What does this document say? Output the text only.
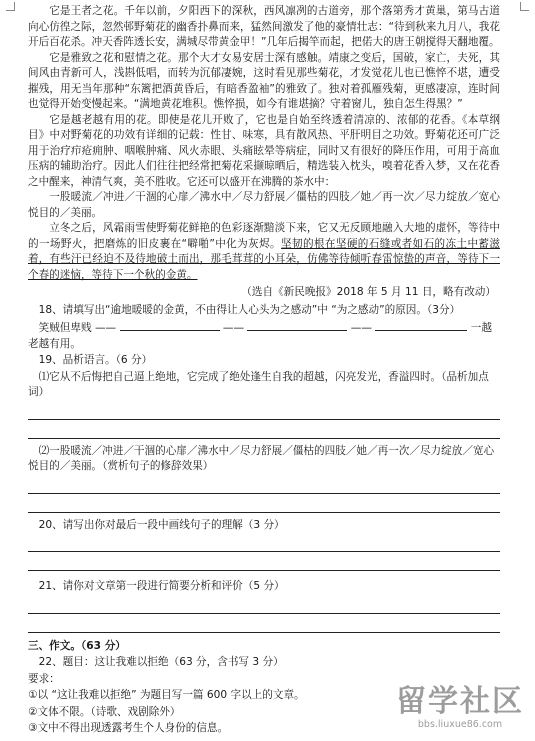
它是王者之花。千年以前，夕阳西下的深秋，西风凛冽的古道旁，那个落第秀才黄巢，第马古道向心仿徨之际，忽然邨野菊花的幽香扑鼻而来，猛然间激发了他的豪情壮志：“待到秋来九月八，我花开后百花杀。冲天香阵透长安，满城尽带黄金甲！”几年后揭竿而起，把偌大的唐王朝搅得天翻地覆。

它是雅致之花和慰情之花。那个大才女易安居士深有感触。靖康之变后，国破，家亡，夫死，其间风由青新可人，浅斟低唱，而转为沉郁凄婉，这时看见那些菊花，才发觉花儿也已憔悴不堪，遭受摧残，用无当年那种“东篱把酒黄昏后，有暗香盈袖”的雅致了。独对着孤雁残菊，更感凄凉，连时间也觉得开始变慢起来。“满地黄花堆积。憔悴损，如今有谁堪摘？守着窗儿，独自怎生得黑？”

它是越老越有用的花。即使是花儿开败了，它也是自始至终透着清凉的、浓郁的花香。《本草纲目》中对野菊花的功效有详细的记载：性甘、味寒，具有散风热、平肝明目之功效。野菊花还可广泛用于治疗疖疮痈肿、咽喉肿痛、风火赤眼、头痛眩晕等病症，同时又有很好的降压作用，可用于高血压病的辅助治疗。因此人们往往把经常把菊花采撷晾晒后，精选装入枕头，嗅着花香入梦，又在花香之中醒来，神清气爽，美不胜收。它还可以盛开在沸腾的茶水中：

一股暖流／冲进／干涸的心扉／沸水中／尽力舒展／僵枯的四肢／她／再一次／尽力绽放／宽心悦目的／美丽。

立冬之后，风霜雨雪使野菊花鲜艳的色彩逐渐黯淡下来，它又无反顾地融入大地的虚怀，等待中的一场野火，把磨炼的旧皮裹在“噼啪”中化为灰烬。坚韧的根在坚硬的石缝或者如石的冻土中蓄滋着，有些汗已经迫不及待地破土而出，那毛茸茸的小耳朵，仿佛等待倾听春雷惊蛰的声音，等待下一个春的迷恼，等待下一个秋的金黄。

（选自《新民晚报》2018 年 5 月 11 日，略有改动）
18、请填写出“逾地暖暖的金黄，不由得让人心头为之感动”中 “为之感动”的原因。（3分）
笑贼但卑贱 ——	——	——	一越老越有用。
19、品析语言。（6 分）
⑴它从不后悔把自己逼上绝地，它完成了绝处逢生自我的超越，闪亮发光，香溢四时。（品析加点词）
⑵一股暖流／冲进／干涸的心扉／沸水中／尽力舒展／僵枯的四肢／她／再一次／尽力绽放／宽心悦目的／美丽。（赏析句子的修辞效果）
20、请写出你对最后一段中画线句子的理解（3 分）
21、请你对文章第一段进行简要分析和评价（5 分）
三、作文。（63 分）
22、题目：这让我难以拒绝（63 分，含书写 3 分）
要求：
①以 “这让我难以拒绝” 为题目写一篇 600 字以上的文章。
②文体不限。（诗歌、戏剧除外）
③文中不得出现透露考生个人身份的信息。
留学社区
bbs.liuxue86.com
